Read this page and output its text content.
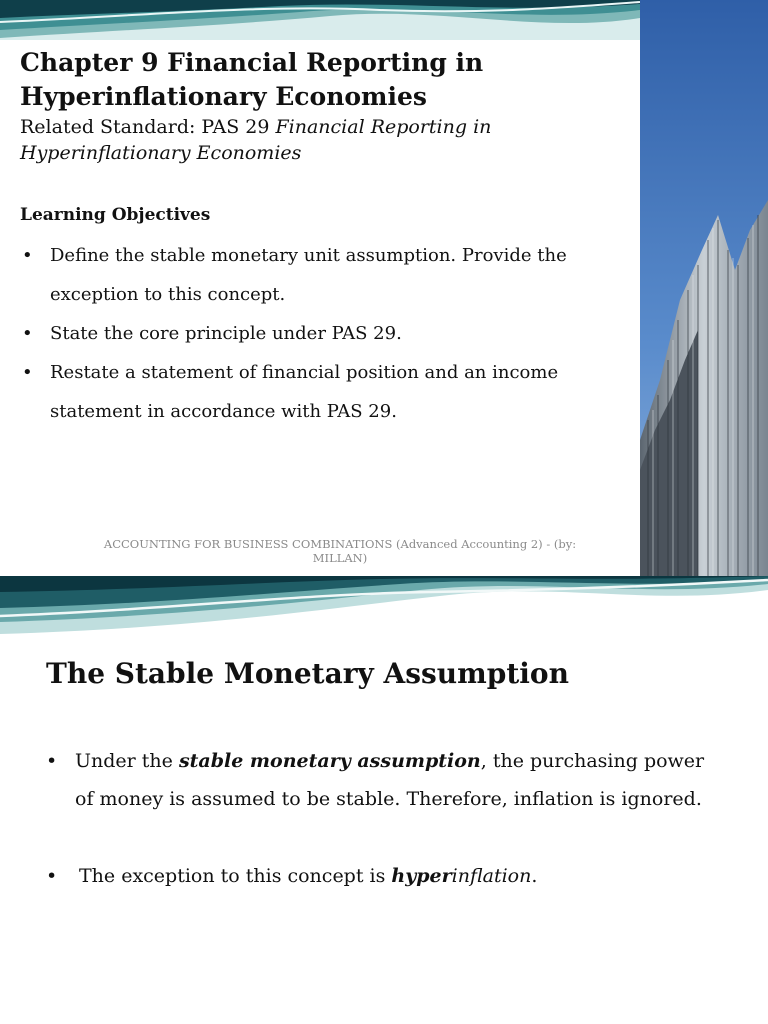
Chapter 9 Financial Reporting in Hyperinflationary Economies
Related Standard: PAS 29 Financial Reporting in Hyperinflationary Economies
Learning Objectives
• Define the stable monetary unit assumption. Provide the exception to this concept.
• State the core principle under PAS 29.
• Restate a statement of financial position and an income statement in accordance with PAS 29.
ACCOUNTING FOR BUSINESS COMBINATIONS (Advanced Accounting 2) - (by: MILLAN)
The Stable Monetary Assumption
• Under the stable monetary assumption, the purchasing power of money is assumed to be stable. Therefore, inflation is ignored.
• The exception to this concept is hyperinflation.
